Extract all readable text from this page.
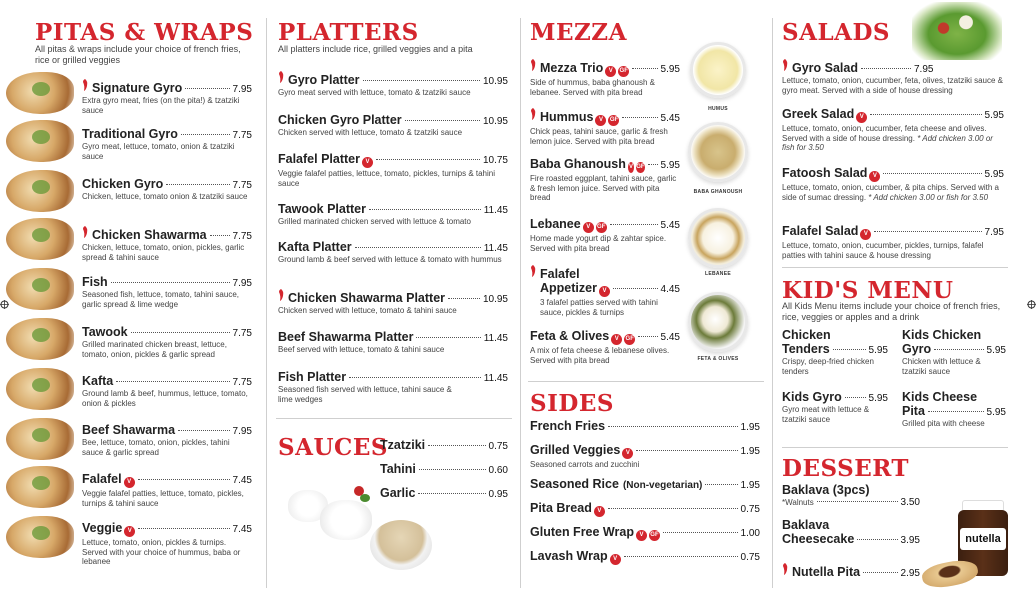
PITAS & WRAPS
All pitas & wraps include your choice of french fries, rice or grilled veggies
Signature Gyro	7.95
Extra gyro meat, fries (on the pita!) & tzatziki sauce
Traditional Gyro	7.75
Gyro meat, lettuce, tomato, onion & tzatziki sauce
Chicken Gyro	7.75
Chicken, lettuce, tomato onion & tzatziki sauce
Chicken Shawarma	7.75
Chicken, lettuce, tomato, onion, pickles, garlic spread & tahini sauce
Fish	7.95
Seasoned fish, lettuce, tomato, tahini sauce, garlic spread & lime wedge
Tawook	7.75
Grilled marinated chicken breast, lettuce, tomato, onion, pickles & garlic spread
Kafta	7.75
Ground lamb & beef, hummus, lettuce, tomato, onion & pickles
Beef Shawarma	7.95
Bee, lettuce, tomato, onion, pickles, tahini sauce & garlic spread
Falafel V	7.45
Veggie falafel patties, lettuce, tomato, pickles, turnips & tahini sauce
Veggie V	7.45
Lettuce, tomato, onion, pickles & turnips. Served with your choice of hummus, baba or lebanee
PLATTERS
All platters include rice, grilled veggies and a pita
Gyro Platter	10.95
Gyro meat served with lettuce, tomato & tzatziki sauce
Chicken Gyro Platter	10.95
Chicken served with lettuce, tomato & tzatziki sauce
Falafel Platter V	10.75
Veggie falafel patties, lettuce, tomato, pickles, turnips & tahini sauce
Tawook Platter	11.45
Grilled marinated chicken served with lettuce & tomato
Kafta Platter	11.45
Ground lamb & beef served with lettuce & tomato with hummus
Chicken Shawarma Platter	10.95
Chicken served with lettuce, tomato & tahini sauce
Beef Shawarma Platter	11.45
Beef served with lettuce, tomato & tahini sauce
Fish Platter	11.45
Seasoned fish served with lettuce, tahini sauce & lime wedges
SAUCES
Tzatziki	0.75
Tahini	0.60
Garlic	0.95
MEZZA
HUMUS
BABA GHANOUSH
LEBANEE
FETA & OLIVES
Mezza Trio V	GF	5.95
Side of hummus, baba ghanoush & lebanee. Served with pita bread
Hummus V	GF	5.45
Chick peas, tahini sauce, garlic & fresh lemon juice. Served with pita bread
Baba Ghanoush V GF 5.95
Fire roasted eggplant, tahini sauce, garlic & fresh lemon juice. Served with pita bread
Lebanee V	GF	5.45
Home made yogurt dip & zahtar spice. Served with pita bread
Falafel
Appetizer V	4.45
3 falafel patties served with tahini sauce, pickles & turnips
Feta & Olives V	GF	5.45
A mix of feta cheese & lebanese olives. Served with pita bread
SIDES
French Fries	1.95
Grilled Veggies V	1.95
Seasoned carrots and zucchini
Seasoned Rice (Non-vegetarian)	1.95
Pita Bread V	0.75
Gluten Free Wrap V	GF	1.00
Lavash Wrap V	0.75
SALADS
Gyro Salad	7.95
Lettuce, tomato, onion, cucumber, feta, olives, tzatziki sauce & gyro meat. Served with a side of house dressing
Greek Salad V	5.95
Lettuce, tomato, onion, cucumber, feta cheese and olives. Served with a side of house dressing. * Add chicken 3.00 or fish for 3.50
Fatoosh Salad V	5.95
Lettuce, tomato, onion, cucumber, & pita chips. Served with a side of sumac dressing. * Add chicken 3.00 or fish for 3.50
Falafel Salad V	7.95
Lettuce, tomato, onion, cucumber, pickles, turnips, falafel patties with tahini sauce & house dressing
KID'S MENU
All Kids Menu items include your choice of french fries, rice, veggies or apples and a drink
Chicken
Tenders	5.95
Crispy, deep-fried chicken tenders
Kids Chicken
Gyro	5.95
Chicken with lettuce & tzatziki sauce
Kids Gyro	5.95
Gyro meat with lettuce & tzatziki sauce
Kids Cheese
Pita	5.95
Grilled pita with cheese
DESSERT
Baklava (3pcs)
*Walnuts	3.50
Baklava
Cheesecake	3.95
Nutella Pita	2.95
nutella
